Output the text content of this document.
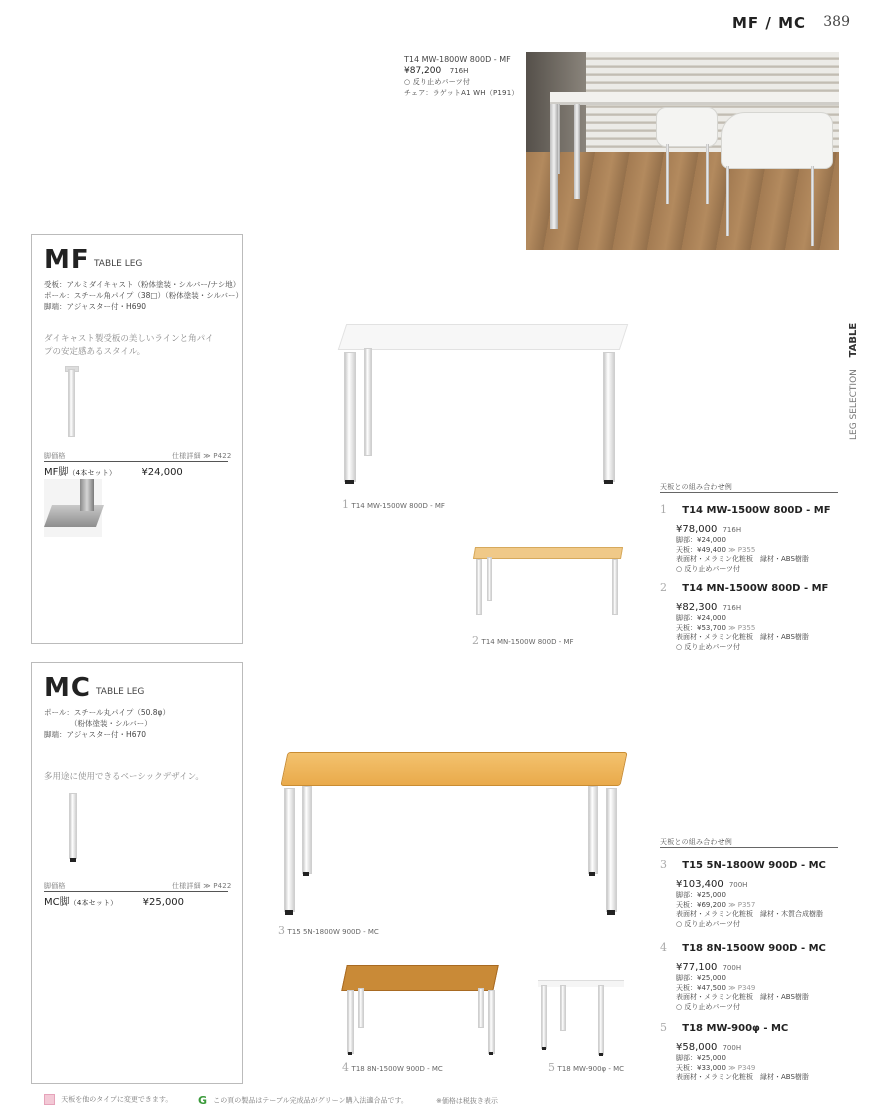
MF / MC 389
LEG SELECTION  TABLE
T14 MW-1800W 800D - MF
¥87,200 716H
○ 反り止めパーツ付
チェア：ラゲットA1 WH（P191）
MF TABLE LEG
受板：アルミダイキャスト（粉体塗装・シルバー/ナシ地）
ポール：スチール角パイプ（38□）（粉体塗装・シルバー）
脚端：アジャスター付・H690
ダイキャスト製受板の美しいラインと角パイ
プの安定感あるスタイル。
脚価格	仕様詳細 ≫ P422
MF脚（4本セット）	¥24,000
MC TABLE LEG
ポール：スチール丸パイプ（50.8φ）
（粉体塗装・シルバー）
脚端：アジャスター付・H670
多用途に使用できるベーシックデザイン。
脚価格	仕様詳細 ≫ P422
MC脚（4本セット）	¥25,000
1 T14 MW-1500W 800D - MF
2 T14 MN-1500W 800D - MF
3 T15 5N-1800W 900D - MC
4 T18 8N-1500W 900D - MC	5 T18 MW-900φ - MC
天板との組み合わせ例
天板との組み合わせ例
1 T14 MW-1500W 800D - MF
¥78,000 716H
脚部：¥24,000
天板：¥49,400 ≫ P355
表面材・メラミン化粧板　縁材・ABS樹脂
○ 反り止めパーツ付
2 T14 MN-1500W 800D - MF
¥82,300 716H
脚部：¥24,000
天板：¥53,700 ≫ P355
表面材・メラミン化粧板　縁材・ABS樹脂
○ 反り止めパーツ付
3 T15 5N-1800W 900D - MC
¥103,400 700H
脚部：¥25,000
天板：¥69,200 ≫ P357
表面材・メラミン化粧板　縁材・木質合成樹脂
○ 反り止めパーツ付
4 T18 8N-1500W 900D - MC
¥77,100 700H
脚部：¥25,000
天板：¥47,500 ≫ P349
表面材・メラミン化粧板　縁材・ABS樹脂
○ 反り止めパーツ付
5 T18 MW-900φ - MC
¥58,000 700H
脚部：¥25,000
天板：¥33,000 ≫ P349
表面材・メラミン化粧板　縁材・ABS樹脂
天板を他のタイプに変更できます。 G この頁の製品はテーブル完成品がグリーン購入法適合品です。	※価格は税抜き表示
